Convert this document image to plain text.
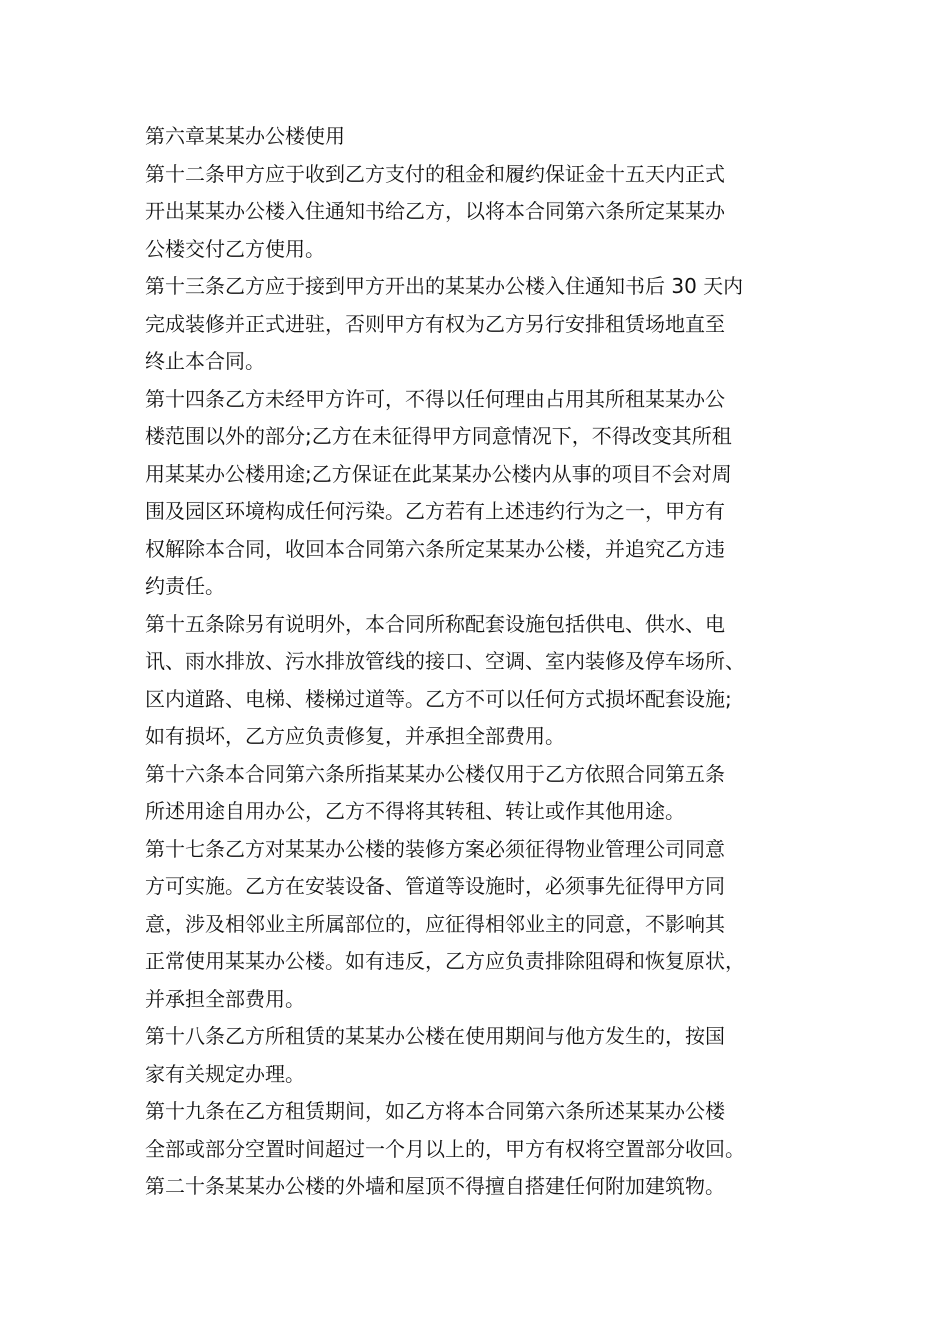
第六章某某办公楼使用

第十二条甲方应于收到乙方支付的租金和履约保证金十五天内正式
开出某某办公楼入住通知书给乙方，以将本合同第六条所定某某办
公楼交付乙方使用。
第十三条乙方应于接到甲方开出的某某办公楼入住通知书后 30 天内
完成装修并正式进驻，否则甲方有权为乙方另行安排租赁场地直至
终止本合同。
第十四条乙方未经甲方许可，不得以任何理由占用其所租某某办公
楼范围以外的部分;乙方在未征得甲方同意情况下，不得改变其所租
用某某办公楼用途;乙方保证在此某某办公楼内从事的项目不会对周
围及园区环境构成任何污染。乙方若有上述违约行为之一，甲方有
权解除本合同，收回本合同第六条所定某某办公楼，并追究乙方违
约责任。
第十五条除另有说明外，本合同所称配套设施包括供电、供水、电
讯、雨水排放、污水排放管线的接口、空调、室内装修及停车场所、
区内道路、电梯、楼梯过道等。乙方不可以任何方式损坏配套设施;
如有损坏，乙方应负责修复，并承担全部费用。
第十六条本合同第六条所指某某办公楼仅用于乙方依照合同第五条
所述用途自用办公，乙方不得将其转租、转让或作其他用途。
第十七条乙方对某某办公楼的装修方案必须征得物业管理公司同意
方可实施。乙方在安装设备、管道等设施时，必须事先征得甲方同
意，涉及相邻业主所属部位的，应征得相邻业主的同意，不影响其
正常使用某某办公楼。如有违反，乙方应负责排除阻碍和恢复原状，
并承担全部费用。
第十八条乙方所租赁的某某办公楼在使用期间与他方发生的，按国
家有关规定办理。
第十九条在乙方租赁期间，如乙方将本合同第六条所述某某办公楼
全部或部分空置时间超过一个月以上的，甲方有权将空置部分收回。
第二十条某某办公楼的外墙和屋顶不得擅自搭建任何附加建筑物。
